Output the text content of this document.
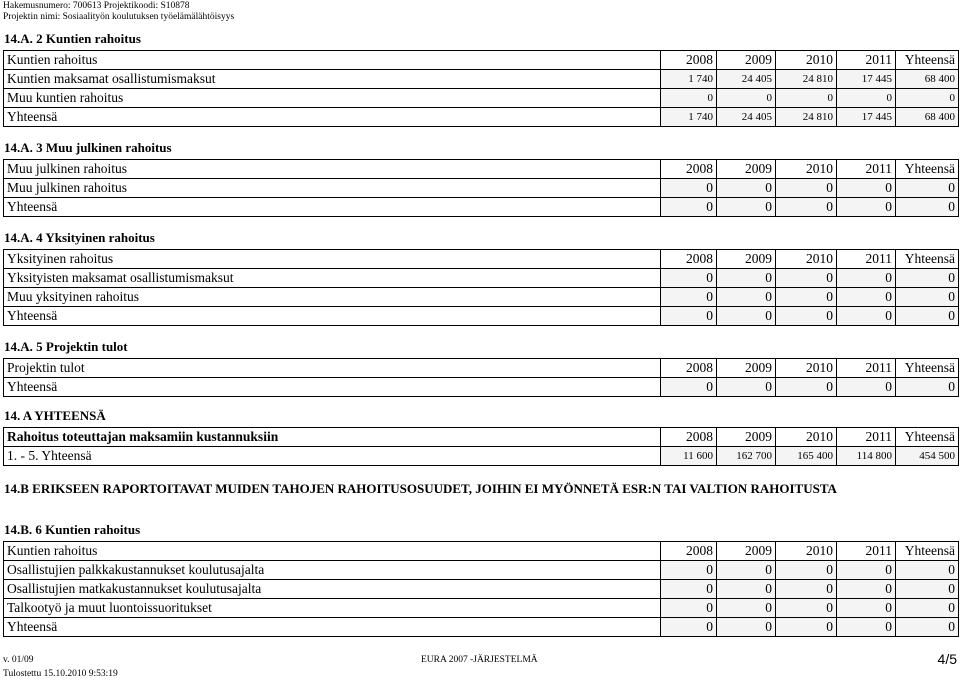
Hakemusnumero: 700613 Projektikoodi: S10878
Projektin nimi: Sosiaalityön koulutuksen työelämälähtöisyys
14.A. 2 Kuntien rahoitus
Kuntien rahoitus	2008	2009	2010	2011	Yhteensä
Kuntien maksamat osallistumismaksut	1 740	24 405	24 810	17 445	68 400
Muu kuntien rahoitus	0	0	0	0	0
Yhteensä	1 740	24 405	24 810	17 445	68 400
14.A. 3 Muu julkinen rahoitus
Muu julkinen rahoitus	2008	2009	2010	2011	Yhteensä
Muu julkinen rahoitus	0	0	0	0	0
Yhteensä	0	0	0	0	0
14.A. 4 Yksityinen rahoitus
Yksityinen rahoitus	2008	2009	2010	2011	Yhteensä
Yksityisten maksamat osallistumismaksut	0	0	0	0	0
Muu yksityinen rahoitus	0	0	0	0	0
Yhteensä	0	0	0	0	0
14.A. 5 Projektin tulot
Projektin tulot	2008	2009	2010	2011	Yhteensä
Yhteensä	0	0	0	0	0
14. A YHTEENSÄ
Rahoitus toteuttajan maksamiin kustannuksiin	2008	2009	2010	2011	Yhteensä
1. - 5. Yhteensä	11 600	162 700	165 400	114 800	454 500
14.B ERIKSEEN RAPORTOITAVAT MUIDEN TAHOJEN RAHOITUSOSUUDET, JOIHIN EI MYÖNNETÄ ESR:N TAI VALTION RAHOITUSTA
14.B. 6 Kuntien rahoitus
Kuntien rahoitus	2008	2009	2010	2011	Yhteensä
Osallistujien palkkakustannukset koulutusajalta	0	0	0	0	0
Osallistujien matkakustannukset koulutusajalta	0	0	0	0	0
Talkootyö ja muut luontoissuoritukset	0	0	0	0	0
Yhteensä	0	0	0	0	0
v. 01/09	EURA 2007 -JÄRJESTELMÄ
Tulostettu 15.10.2010 9:53:19
4/5
